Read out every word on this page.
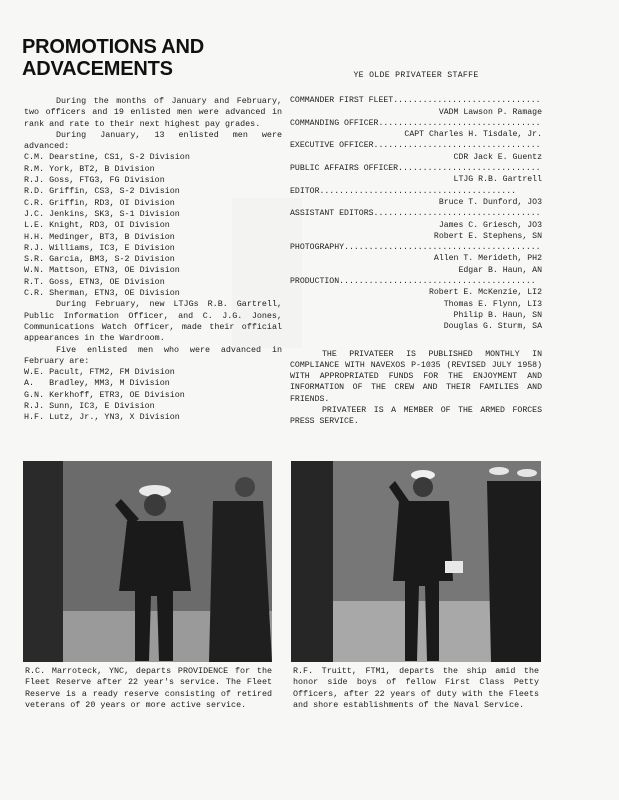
PROMOTIONS AND
ADVACEMENTS

During the months of January and February, two officers and 19 enlisted men were advanced in rank and rate to their next highest pay grades.

During January, 13 enlisted men were advanced:

C.M. Dearstine, CS1, S-2 Division
R.M. York, BT2, B Division
R.J. Goss, FTG3, FG Division
R.D. Griffin, CS3, S-2 Division
C.R. Griffin, RD3, OI Division
J.C. Jenkins, SK3, S-1 Division
L.E. Knight, RD3, OI Division
H.H. Medinger, BT3, B Division
R.J. Williams, IC3, E Division
S.R. Garcia, BM3, S-2 Division
W.N. Mattson, ETN3, OE Division
R.T. Goss, ETN3, OE Division
C.R. Sherman, ETN3, OE Division

During February, new LTJGs R.B. Gartrell, Public Information Officer, and C. J.G. Jones, Communications Watch Officer, made their official appearances in the Wardroom.

Five enlisted men who were advanced in February are:

W.E. Pacult, FTM2, FM Division
A.   Bradley, MM3, M Division
G.N. Kerkhoff, ETR3, OE Division
R.J. Sunn, IC3, E Division
H.F. Lutz, Jr., YN3, X Division
YE OLDE PRIVATEER STAFFE
COMMANDER FIRST FLEET .....
VADM Lawson P. Ramage
COMMANDING OFFICER .....
CAPT Charles H. Tisdale, Jr.
EXECUTIVE OFFICER .....
CDR Jack E. Guentz
PUBLIC AFFAIRS OFFICER .....
LTJG R.B. Gartrell
EDITOR .....
Bruce T. Dunford, JO3
ASSISTANT EDITORS .....
James C. Griesch, JO3
Robert E. Stephens, SN
PHOTOGRAPHY .....
Allen T. Merideth, PH2
Edgar B. Haun, AN
PRODUCTION .....
Robert E. McKenzie, LI2
Thomas E. Flynn, LI3
Philip B. Haun, SN
Douglas G. Sturm, SA

THE PRIVATEER IS PUBLISHED MONTHLY IN COMPLIANCE WITH NAVEXOS P-1035 (REVISED JULY 1958) WITH APPROPRIATED FUNDS FOR THE ENJOYMENT AND INFORMATION OF THE CREW AND THEIR FAMILIES AND FRIENDS.

PRIVATEER IS A MEMBER OF THE ARMED FORCES PRESS SERVICE.

R.C. Marroteck, YNC, departs PROVIDENCE for the Fleet Reserve after 22 year's service. The Fleet Reserve is a ready reserve consisting of retired veterans of 20 years or more active service.
R.F. Truitt, FTM1, departs the ship amid the honor side boys of fellow First Class Petty Officers, after 22 years of duty with the Fleets and shore establishments of the Naval Service.
